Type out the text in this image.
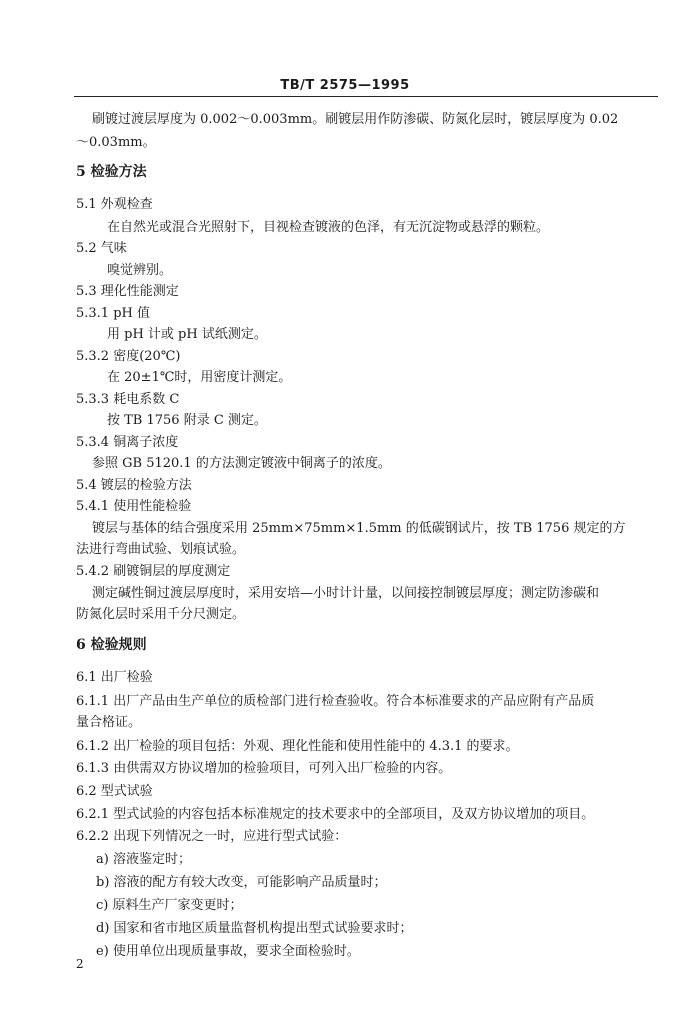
TB/T 2575—1995
刷镀过渡层厚度为 0.002～0.003mm。刷镀层用作防渗碳、防氮化层时，镀层厚度为 0.02
～0.03mm。
5 检验方法
5.1 外观检查
在自然光或混合光照射下，目视检查镀液的色泽，有无沉淀物或悬浮的颗粒。
5.2 气味
嗅觉辨别。
5.3 理化性能测定
5.3.1 pH 值
用 pH 计或 pH 试纸测定。
5.3.2 密度(20℃)
在 20±1℃时，用密度计测定。
5.3.3 耗电系数 C
按 TB 1756 附录 C 测定。
5.3.4 铜离子浓度
参照 GB 5120.1 的方法测定镀液中铜离子的浓度。
5.4 镀层的检验方法
5.4.1 使用性能检验
镀层与基体的结合强度采用 25mm×75mm×1.5mm 的低碳钢试片，按 TB 1756 规定的方
法进行弯曲试验、划痕试验。
5.4.2 刷镀铜层的厚度测定
测定碱性铜过渡层厚度时，采用安培—小时计计量，以间接控制镀层厚度；测定防渗碳和
防氮化层时采用千分尺测定。
6 检验规则
6.1 出厂检验
6.1.1 出厂产品由生产单位的质检部门进行检查验收。符合本标准要求的产品应附有产品质
量合格证。
6.1.2 出厂检验的项目包括：外观、理化性能和使用性能中的 4.3.1 的要求。
6.1.3 由供需双方协议增加的检验项目，可列入出厂检验的内容。
6.2 型式试验
6.2.1 型式试验的内容包括本标准规定的技术要求中的全部项目，及双方协议增加的项目。
6.2.2 出现下列情况之一时，应进行型式试验：
a) 溶液鉴定时；
b) 溶液的配方有较大改变，可能影响产品质量时；
c) 原料生产厂家变更时；
d) 国家和省市地区质量监督机构提出型式试验要求时；
e) 使用单位出现质量事故，要求全面检验时。
2
